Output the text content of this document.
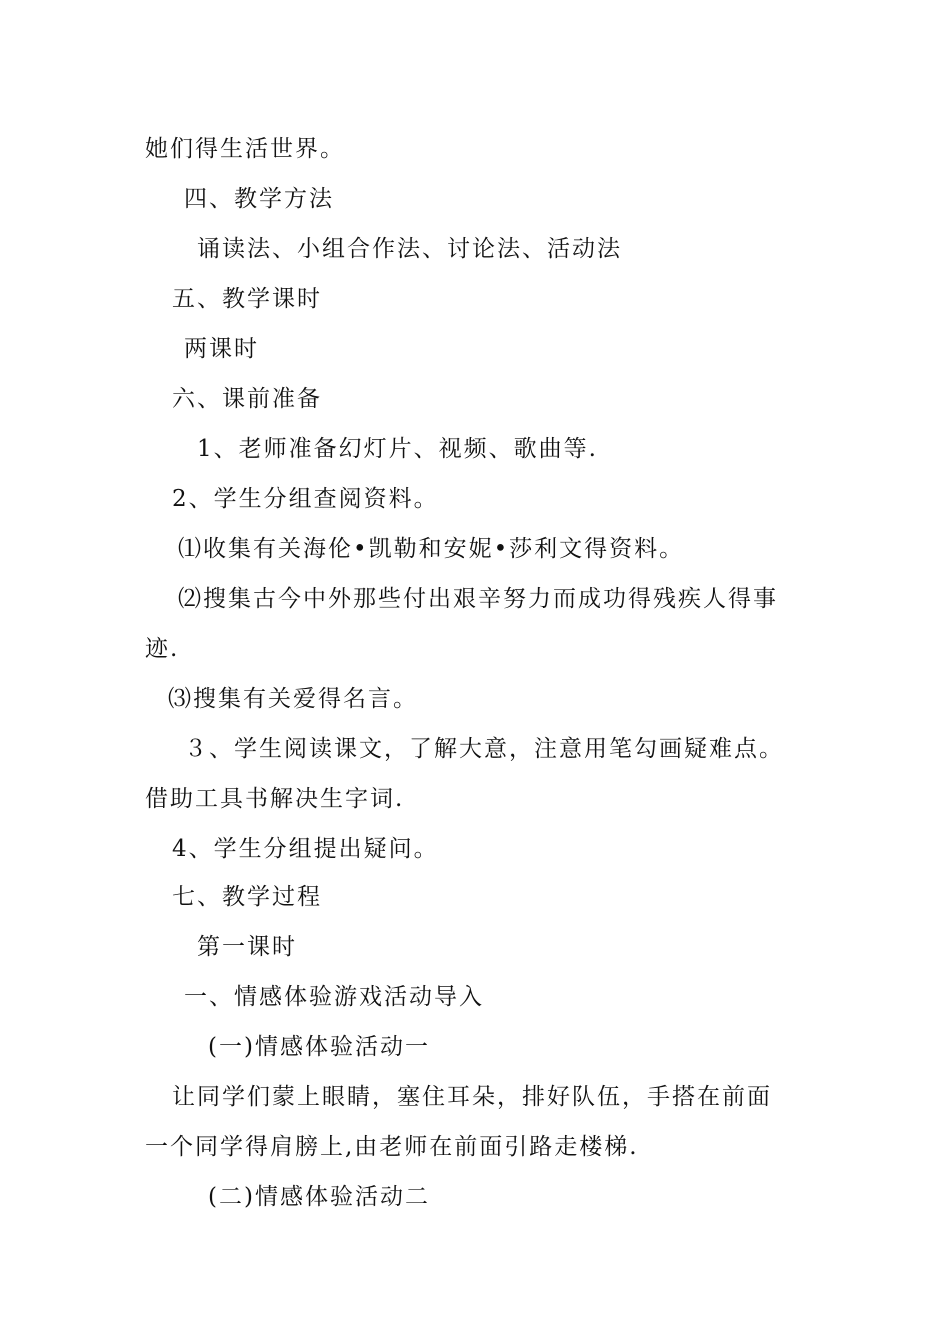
她们得生活世界。
四、教学方法
诵读法、小组合作法、讨论法、活动法
五、教学课时
两课时
六、课前准备
1、老师准备幻灯片、视频、歌曲等.
2、学生分组查阅资料。
⑴收集有关海伦•凯勒和安妮•莎利文得资料。
⑵搜集古今中外那些付出艰辛努力而成功得残疾人得事
迹.
⑶搜集有关爱得名言。
３、学生阅读课文，了解大意，注意用笔勾画疑难点。
借助工具书解决生字词.
4、学生分组提出疑问。
七、教学过程
第一课时
一、情感体验游戏活动导入
(一)情感体验活动一
让同学们蒙上眼睛，塞住耳朵，排好队伍，手搭在前面
一个同学得肩膀上,由老师在前面引路走楼梯.
(二)情感体验活动二
